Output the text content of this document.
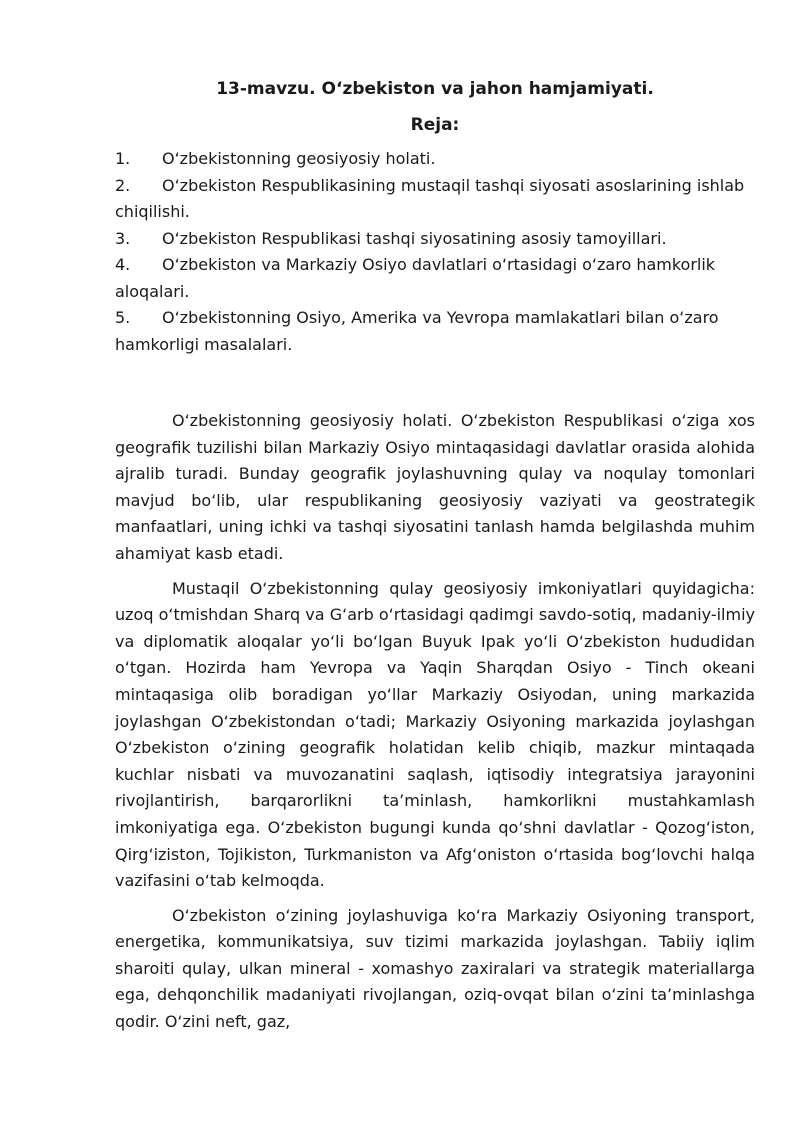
13-mavzu. O‘zbekiston va jahon hamjamiyati.
Reja:
1. O‘zbekistonning geosiyosiy holati.
2. O‘zbekiston Respublikasining mustaqil tashqi siyosati asoslarining ishlab chiqilishi.
3. O‘zbekiston Respublikasi tashqi siyosatining asosiy tamoyillari.
4. O‘zbekiston va Markaziy Osiyo davlatlari o‘rtasidagi o‘zaro hamkorlik aloqalari.
5. O‘zbekistonning Osiyo, Amerika va Yevropa mamlakatlari bilan o‘zaro hamkorligi masalalari.

O‘zbekistonning geosiyosiy holati. O‘zbekiston Respublikasi o‘ziga xos geografik tuzilishi bilan Markaziy Osiyo mintaqasidagi davlatlar orasida alohida ajralib turadi. Bunday geografik joylashuvning qulay va noqulay tomonlari mavjud bo‘lib, ular respublikaning geosiyosiy vaziyati va geostrategik manfaatlari, uning ichki va tashqi siyosatini tanlash hamda belgilashda muhim ahamiyat kasb etadi.

Mustaqil O‘zbekistonning qulay geosiyosiy imkoniyatlari quyidagicha: uzoq o‘tmishdan Sharq va G‘arb o‘rtasidagi qadimgi savdo-sotiq, madaniy-ilmiy va diplomatik aloqalar yo‘li bo‘lgan Buyuk Ipak yo‘li O‘zbekiston hududidan o‘tgan. Hozirda ham Yevropa va Yaqin Sharqdan Osiyo - Tinch okeani mintaqasiga olib boradigan yo‘llar Markaziy Osiyodan, uning markazida joylashgan O‘zbekistondan o‘tadi; Markaziy Osiyoning markazida joylashgan O‘zbekiston o‘zining geografik holatidan kelib chiqib, mazkur mintaqada kuchlar nisbati va muvozanatini saqlash, iqtisodiy integratsiya jarayonini rivojlantirish, barqarorlikni ta’minlash, hamkorlikni mustahkamlash imkoniyatiga ega. O‘zbekiston bugungi kunda qo‘shni davlatlar - Qozog‘iston, Qirg‘iziston, Tojikiston, Turkmaniston va Afg‘oniston o‘rtasida bog‘lovchi halqa vazifasini o‘tab kelmoqda.

O‘zbekiston o‘zining joylashuviga ko‘ra Markaziy Osiyoning transport, energetika, kommunikatsiya, suv tizimi markazida joylashgan. Tabiiy iqlim sharoiti qulay, ulkan mineral - xomashyo zaxiralari va strategik materiallarga ega, dehqonchilik madaniyati rivojlangan, oziq-ovqat bilan o‘zini ta’minlashga qodir. O‘zini neft, gaz,
